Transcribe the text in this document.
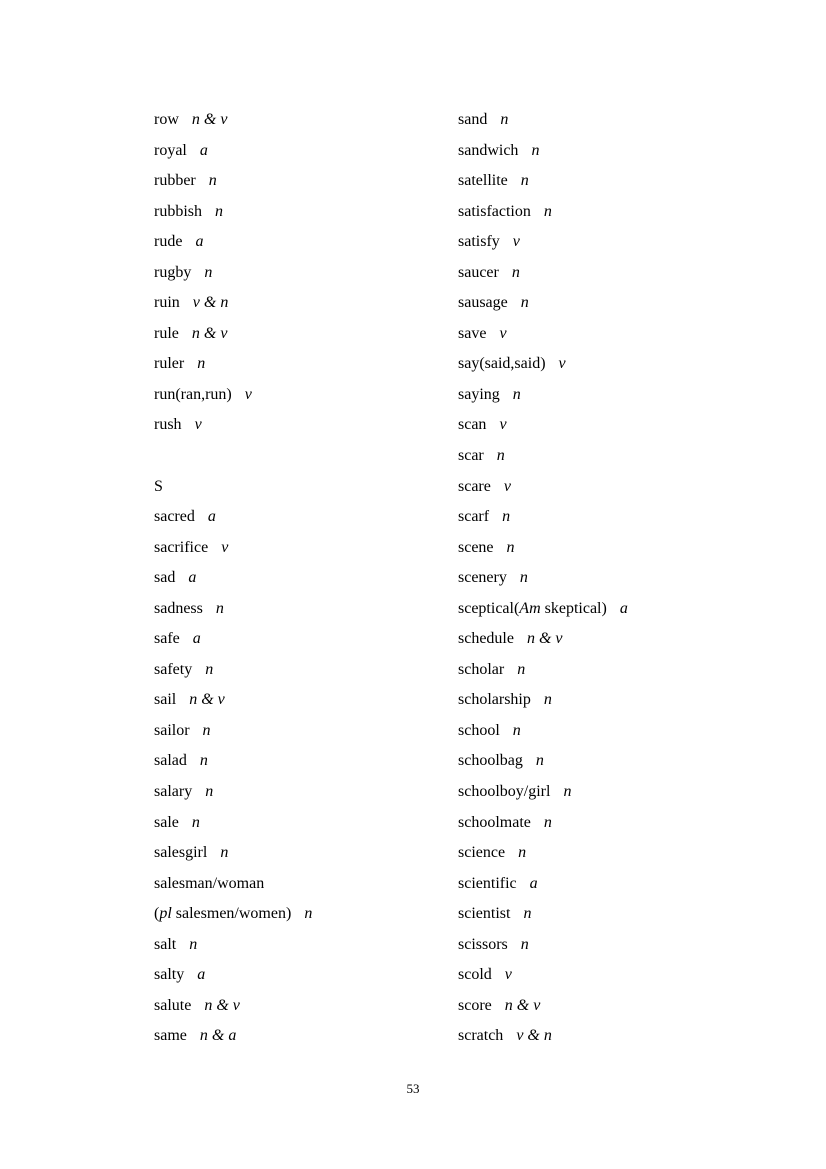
row n & v
royal a
rubber n
rubbish n
rude a
rugby n
ruin v & n
rule n & v
ruler n
run(ran,run) v
rush v
S
sacred a
sacrifice v
sad a
sadness n
safe a
safety n
sail n & v
sailor n
salad n
salary n
sale n
salesgirl n
salesman/woman
(pl salesmen/women) n
salt n
salty a
salute n & v
same n & a
sand n
sandwich n
satellite n
satisfaction n
satisfy v
saucer n
sausage n
save v
say(said,said) v
saying n
scan v
scar n
scare v
scarf n
scene n
scenery n
sceptical(Am skeptical) a
schedule n & v
scholar n
scholarship n
school n
schoolbag n
schoolboy/girl n
schoolmate n
science n
scientific a
scientist n
scissors n
scold v
score n & v
scratch v & n
53
